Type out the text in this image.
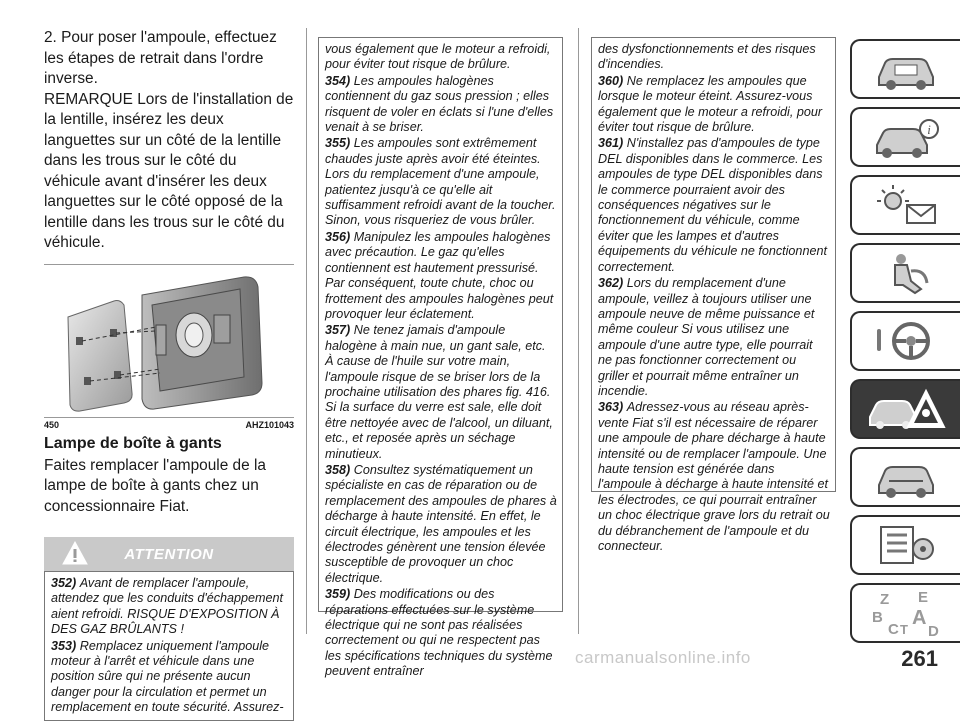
2. Pour poser l'ampoule, effectuez les étapes de retrait dans l'ordre inverse.

REMARQUE Lors de l'installation de la lentille, insérez les deux languettes sur un côté de la lentille dans les trous sur le côté du véhicule avant d'insérer les deux languettes sur le côté opposé de la lentille dans les trous sur le côté du véhicule.

450	AHZ101043
Lampe de boîte à gants

Faites remplacer l'ampoule de la lampe de boîte à gants chez un concessionnaire Fiat.

ATTENTION

352) Avant de remplacer l'ampoule, attendez que les conduits d'échappement aient refroidi. RISQUE D'EXPOSITION À DES GAZ BRÛLANTS !

353) Remplacez uniquement l'ampoule moteur à l'arrêt et véhicule dans une position sûre qui ne présente aucun danger pour la circulation et permet un remplacement en toute sécurité. Assurez-

vous également que le moteur a refroidi, pour éviter tout risque de brûlure.

354) Les ampoules halogènes contiennent du gaz sous pression ; elles risquent de voler en éclats si l'une d'elles venait à se briser.

355) Les ampoules sont extrêmement chaudes juste après avoir été éteintes. Lors du remplacement d'une ampoule, patientez jusqu'à ce qu'elle ait suffisamment refroidi avant de la toucher. Sinon, vous risqueriez de vous brûler.

356) Manipulez les ampoules halogènes avec précaution. Le gaz qu'elles contiennent est hautement pressurisé. Par conséquent, toute chute, choc ou frottement des ampoules halogènes peut provoquer leur éclatement.

357) Ne tenez jamais d'ampoule halogène à main nue, un gant sale, etc. À cause de l'huile sur votre main, l'ampoule risque de se briser lors de la prochaine utilisation des phares fig. 416. Si la surface du verre est sale, elle doit être nettoyée avec de l'alcool, un diluant, etc., et reposée après un séchage minutieux.

358) Consultez systématiquement un spécialiste en cas de réparation ou de remplacement des ampoules de phares à décharge à haute intensité. En effet, le circuit électrique, les ampoules et les électrodes génèrent une tension élevée susceptible de provoquer un choc électrique.

359) Des modifications ou des réparations effectuées sur le système électrique qui ne sont pas réalisées correctement ou qui ne respectent pas les spécifications techniques du système peuvent entraîner

des dysfonctionnements et des risques d'incendies.

360) Ne remplacez les ampoules que lorsque le moteur éteint. Assurez-vous également que le moteur a refroidi, pour éviter tout risque de brûlure.

361) N'installez pas d'ampoules de type DEL disponibles dans le commerce. Les ampoules de type DEL disponibles dans le commerce pourraient avoir des conséquences négatives sur le fonctionnement du véhicule, comme éviter que les lampes et d'autres équipements du véhicule ne fonctionnent correctement.

362) Lors du remplacement d'une ampoule, veillez à toujours utiliser une ampoule neuve de même puissance et même couleur Si vous utilisez une ampoule d'une autre type, elle pourrait ne pas fonctionner correctement ou griller et pourrait même entraîner un incendie.

363) Adressez-vous au réseau après-vente Fiat s'il est nécessaire de réparer une ampoule de phare décharge à haute intensité ou de remplacer l'ampoule. Une haute tension est générée dans l'ampoule à décharge à haute intensité et les électrodes, ce qui pourrait entraîner un choc électrique grave lors du retrait ou du débranchement de l'ampoule et du connecteur.

i
Z E
B A
C T D
carmanualsonline.info	261
